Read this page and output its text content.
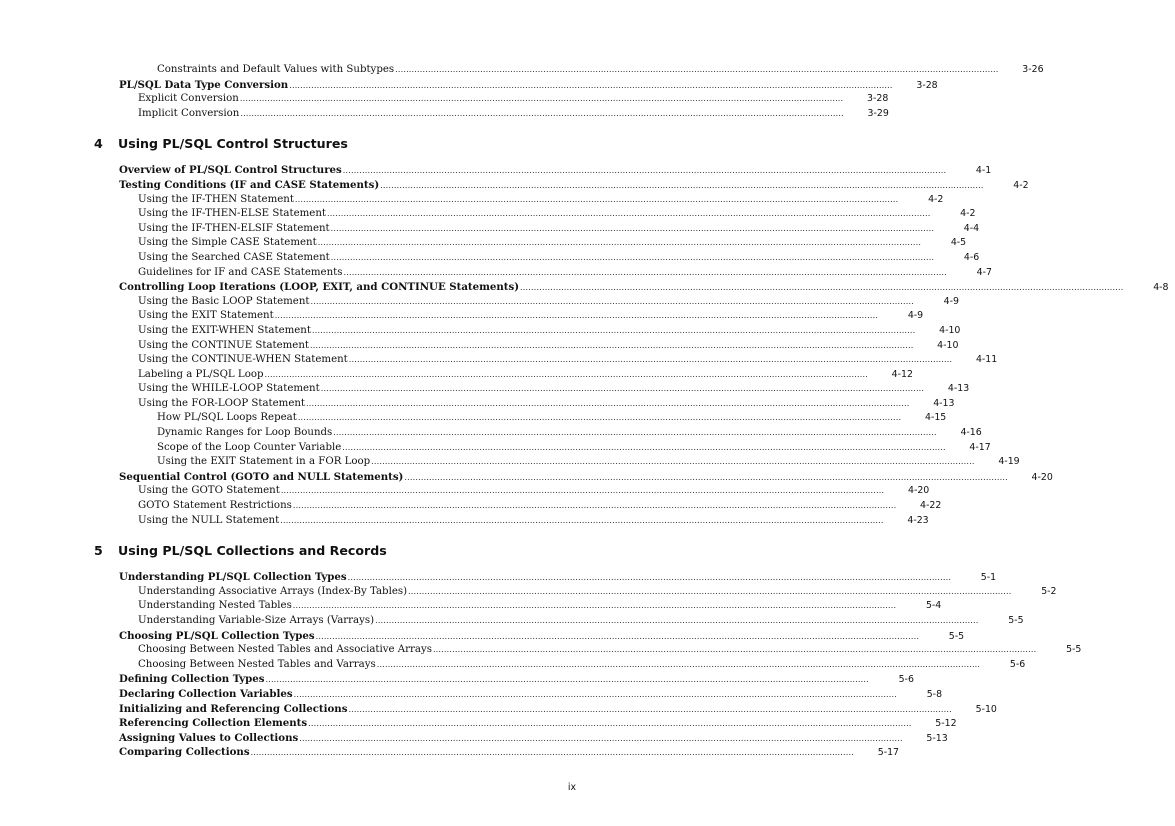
Constraints and Default Values with Subtypes ............................................................................................................................................................................................................................	3-26
PL/SQL Data Type Conversion ............................................................................................................................................................................................................................	3-28
Explicit Conversion ............................................................................................................................................................................................................................	3-28
Implicit Conversion ............................................................................................................................................................................................................................	3-29
4	Using PL/SQL Control Structures
Overview of PL/SQL Control Structures ............................................................................................................................................................................................................................	4-1
Testing Conditions (IF and CASE Statements) ............................................................................................................................................................................................................................	4-2
Using the IF-THEN Statement ............................................................................................................................................................................................................................	4-2
Using the IF-THEN-ELSE Statement ............................................................................................................................................................................................................................	4-2
Using the IF-THEN-ELSIF Statement ............................................................................................................................................................................................................................	4-4
Using the Simple CASE Statement ............................................................................................................................................................................................................................	4-5
Using the Searched CASE Statement ............................................................................................................................................................................................................................	4-6
Guidelines for IF and CASE Statements ............................................................................................................................................................................................................................	4-7
Controlling Loop Iterations (LOOP, EXIT, and CONTINUE Statements) ............................................................................................................................................................................................................................	4-8
Using the Basic LOOP Statement ............................................................................................................................................................................................................................	4-9
Using the EXIT Statement ............................................................................................................................................................................................................................	4-9
Using the EXIT-WHEN Statement ............................................................................................................................................................................................................................	4-10
Using the CONTINUE Statement ............................................................................................................................................................................................................................	4-10
Using the CONTINUE-WHEN Statement ............................................................................................................................................................................................................................	4-11
Labeling a PL/SQL Loop ............................................................................................................................................................................................................................	4-12
Using the WHILE-LOOP Statement ............................................................................................................................................................................................................................	4-13
Using the FOR-LOOP Statement ............................................................................................................................................................................................................................	4-13
How PL/SQL Loops Repeat ............................................................................................................................................................................................................................	4-15
Dynamic Ranges for Loop Bounds ............................................................................................................................................................................................................................	4-16
Scope of the Loop Counter Variable ............................................................................................................................................................................................................................	4-17
Using the EXIT Statement in a FOR Loop ............................................................................................................................................................................................................................	4-19
Sequential Control (GOTO and NULL Statements) ............................................................................................................................................................................................................................	4-20
Using the GOTO Statement ............................................................................................................................................................................................................................	4-20
GOTO Statement Restrictions ............................................................................................................................................................................................................................	4-22
Using the NULL Statement ............................................................................................................................................................................................................................	4-23
5	Using PL/SQL Collections and Records
Understanding PL/SQL Collection Types ............................................................................................................................................................................................................................	5-1
Understanding Associative Arrays (Index-By Tables) ............................................................................................................................................................................................................................	5-2
Understanding Nested Tables ............................................................................................................................................................................................................................	5-4
Understanding Variable-Size Arrays (Varrays) ............................................................................................................................................................................................................................	5-5
Choosing PL/SQL Collection Types ............................................................................................................................................................................................................................	5-5
Choosing Between Nested Tables and Associative Arrays ............................................................................................................................................................................................................................	5-5
Choosing Between Nested Tables and Varrays ............................................................................................................................................................................................................................	5-6
Defining Collection Types ............................................................................................................................................................................................................................	5-6
Declaring Collection Variables ............................................................................................................................................................................................................................	5-8
Initializing and Referencing Collections ............................................................................................................................................................................................................................	5-10
Referencing Collection Elements ............................................................................................................................................................................................................................	5-12
Assigning Values to Collections ............................................................................................................................................................................................................................	5-13
Comparing Collections ............................................................................................................................................................................................................................	5-17
ix
